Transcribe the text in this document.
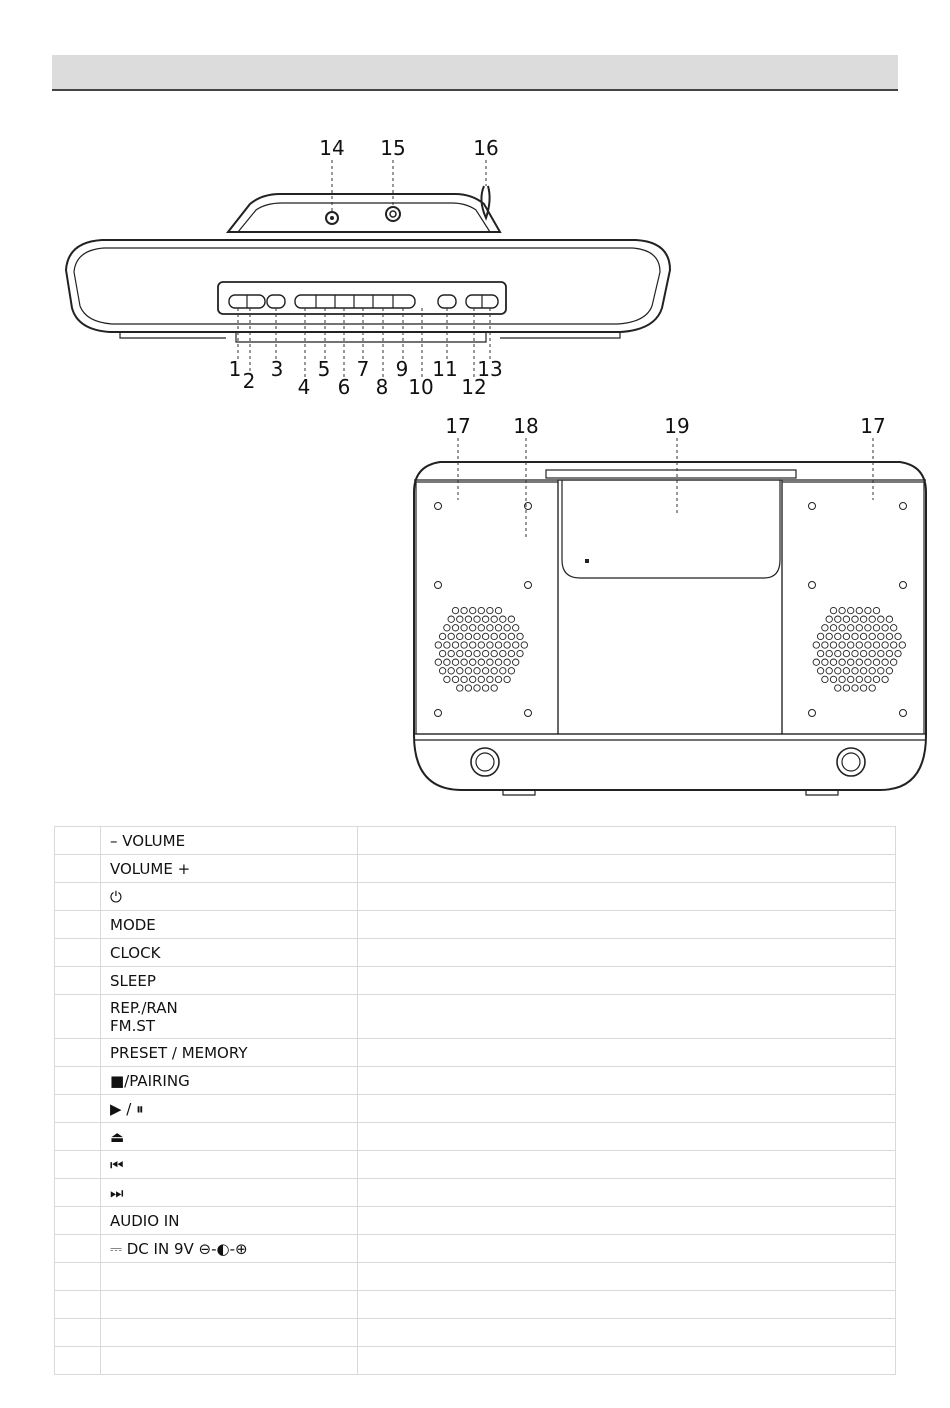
14 15	16
1 2 3
4
5
6
7
8
9
10
11
12
13
17 18	19	17
	– VOLUME	
	VOLUME +	
	⏻	
	MODE	
	CLOCK	
	SLEEP	

	REP./RAN
FM.ST	

	PRESET / MEMORY	
	■/PAIRING	
	▶ / ⏸	
	⏏	
	⏮	
	⏭	
	AUDIO IN	
	⎓ DC IN 9V ⊖-◐-⊕	
